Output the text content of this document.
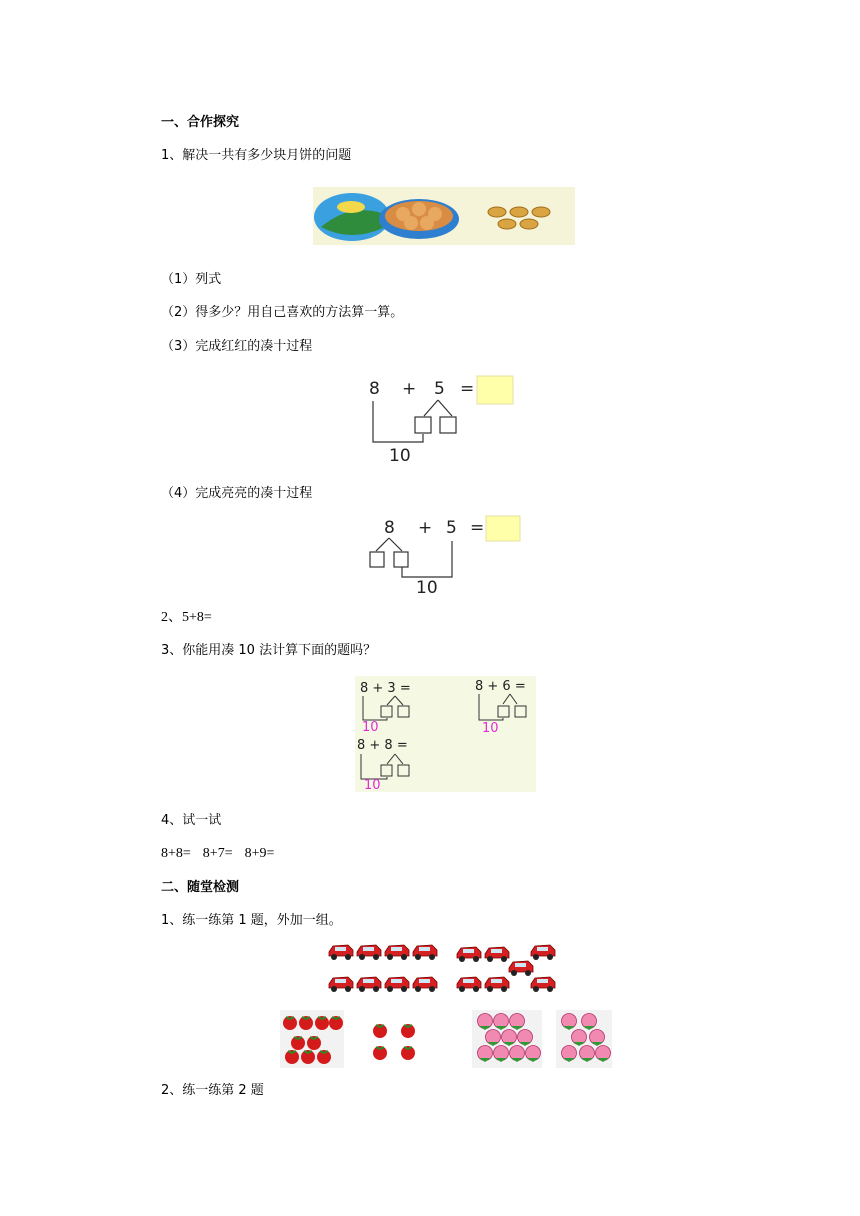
一、合作探究
1、解决一共有多少块月饼的问题
（1）列式
（2）得多少？用自己喜欢的方法算一算。
（3）完成红红的凑十过程
8 + 5 =
10
（4）完成亮亮的凑十过程
8 + 5 =
10
2、5+8=
3、你能用凑 10 法计算下面的题吗？
8 + 3 =
10
8 + 6 =
10
8 + 8 =
10
4、试一试
8+8= 8+7= 8+9=
二、随堂检测
1、练一练第 1 题，外加一组。
2、练一练第 2 题
